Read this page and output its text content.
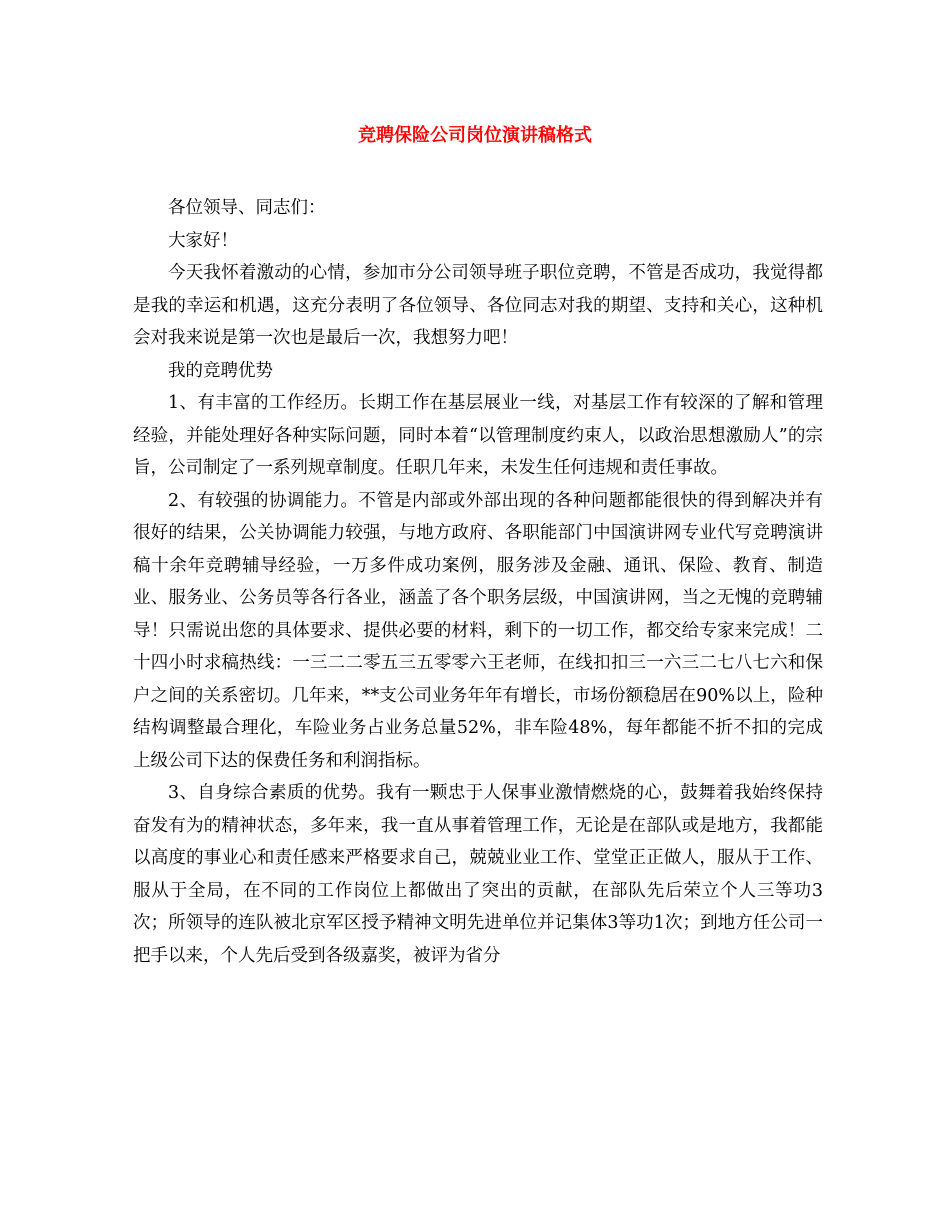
竞聘保险公司岗位演讲稿格式

各位领导、同志们：

大家好！

今天我怀着激动的心情，参加市分公司领导班子职位竞聘，不管是否成功，我觉得都是我的幸运和机遇，这充分表明了各位领导、各位同志对我的期望、支持和关心，这种机会对我来说是第一次也是最后一次，我想努力吧！

我的竞聘优势

1、有丰富的工作经历。长期工作在基层展业一线，对基层工作有较深的了解和管理经验，并能处理好各种实际问题，同时本着“以管理制度约束人，以政治思想激励人”的宗旨，公司制定了一系列规章制度。任职几年来，未发生任何违规和责任事故。

2、有较强的协调能力。不管是内部或外部出现的各种问题都能很快的得到解决并有很好的结果，公关协调能力较强，与地方政府、各职能部门中国演讲网专业代写竞聘演讲稿十余年竞聘辅导经验，一万多件成功案例，服务涉及金融、通讯、保险、教育、制造业、服务业、公务员等各行各业，涵盖了各个职务层级，中国演讲网，当之无愧的竞聘辅导！只需说出您的具体要求、提供必要的材料，剩下的一切工作，都交给专家来完成！二十四小时求稿热线：一三二二零五三五零零六王老师，在线扣扣三一六三二七八七六和保户之间的关系密切。几年来，**支公司业务年年有增长，市场份额稳居在90%以上，险种结构调整最合理化，车险业务占业务总量52%，非车险48%，每年都能不折不扣的完成上级公司下达的保费任务和利润指标。

3、自身综合素质的优势。我有一颗忠于人保事业激情燃烧的心，鼓舞着我始终保持奋发有为的精神状态，多年来，我一直从事着管理工作，无论是在部队或是地方，我都能以高度的事业心和责任感来严格要求自己，兢兢业业工作、堂堂正正做人，服从于工作、服从于全局，在不同的工作岗位上都做出了突出的贡献，在部队先后荣立个人三等功3次；所领导的连队被北京军区授予精神文明先进单位并记集体3等功1次；到地方任公司一把手以来，个人先后受到各级嘉奖，被评为省分
